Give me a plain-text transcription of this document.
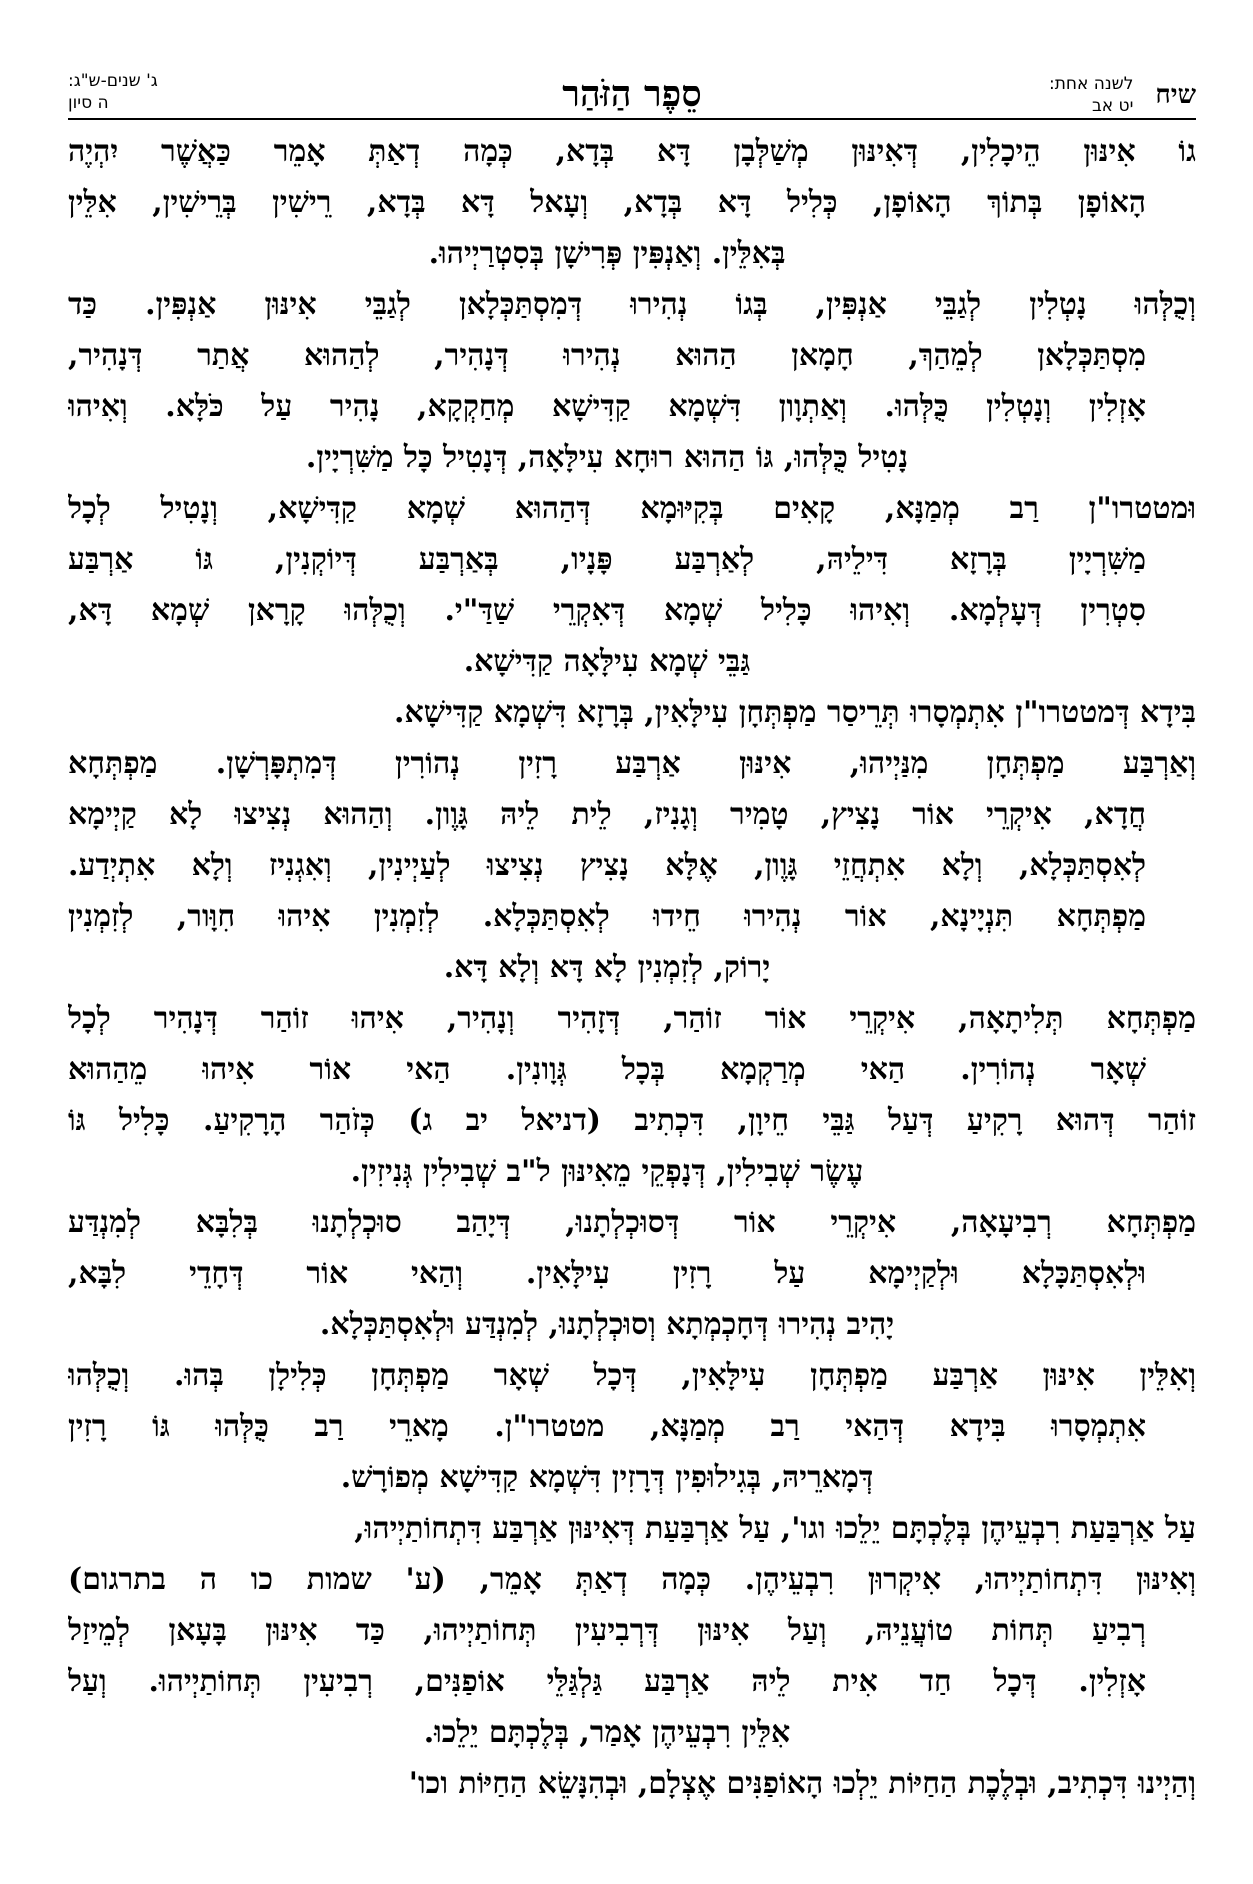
שיח
לשנה אחת:
יט אב
סֵפֶר הַזֹּהַר
ג' שנים-ש"ג:
ה סיון

גוֹ אִינּוּן הֵיכָלִין, דְּאִינּוּן מְשַׁלְּבָן דָּא בְּדָא, כְּמָה דְאַתְּ אָמֵר כַּאֲשֶׁר יִהְיֶה

הָאוֹפָן בְּתוֹךְ הָאוֹפָן, כְּלִיל דָּא בְּדָא, וְעָאל דָּא בְּדָא, רֵישִׁין בְּרֵישִׁין, אִלֵּין

בְּאִלֵּין. וְאַנְפִּין פְּרִישָׁן בְּסִטְרַיְיהוּ.

וְכֻלְּהוּ נָטְלִין לְגַבֵּי אַנְפִּין, בְּגוֹ נְהִירוּ דְּמִסְתַּכְּלָאן לְגַבֵּי אִינּוּן אַנְפִּין. כַּד

מִסְתַּכְּלָאן לְמֵהַךְ, חָמָאן הַהוּא נְהִירוּ דְּנָהִיר, לְהַהוּא אֲתַר דְּנָהִיר,

אָזְלִין וְנָטְלִין כֻּלְּהוּ. וְאַתְוָון דִּשְׁמָא קַדִּישָׁא מְחַקְקָא, נָהִיר עַל כֹּלָּא. וְאִיהוּ

נָטִיל כֻּלְּהוּ, גּוֹ הַהוּא רוּחָא עִילָּאָה, דְּנָטִיל כָּל מַשִּׁרְיָין.

וּמטטרו"ן רַב מְמַנָּא, קָאִים בְּקִיּוּמָא דְּהַהוּא שְׁמָא קַדִּישָׁא, וְנָטִיל לְכָל

מַשִּׁרְיָין בְּרָזָא דִּילֵיהּ, לְאַרְבַּע פָּנָיו, בְּאַרְבַּע דְּיוֹקְנִין, גּוֹ אַרְבַּע

סִטְרִין דְּעָלְמָא. וְאִיהוּ כָּלִיל שְׁמָא דְּאִקְרֵי שַׁדַּ"י. וְכֻלְּהוּ קָרָאן שְׁמָא דָּא,

גַּבֵּי שְׁמָא עִילָּאָה קַדִּישָׁא.

בִּידָא דְּמטטרו"ן אִתְמְסָרוּ תְּרֵיסַר מַפְתְּחָן עִילָּאִין, בְּרָזָא דִּשְׁמָא קַדִּישָׁא.

וְאַרְבַּע מַפְתְּחָן מִנַּיְיהוּ, אִינּוּן אַרְבַּע רָזִין נְהוֹרִין דְּמִתְפָּרְשָׁן. מַפְתְּחָא

חֲדָא, אִיקְרֵי אוֹר נָצִיץ, טָמִיר וְגָנִיז, לֵית לֵיהּ גָּוֶון. וְהַהוּא נְצִיצוּ לָא קַיְימָא

לְאִסְתַּכְּלָא, וְלָא אִתְחֲזֵי גָּוֶון, אֶלָּא נָצִיץ נְצִיצוּ לְעַיְינִין, וְאִגְנִיז וְלָא אִתְיְדַע.

מַפְתְּחָא תִּנְיָינָא, אוֹר נְהִירוּ חֵידוּ לְאִסְתַּכְּלָא. לְזִמְנִין אִיהוּ חִוָּור, לְזִמְנִין

יָרוֹק, לְזִמְנִין לָא דָּא וְלָא דָּא.

מַפְתְּחָא תְּלִיתָאָה, אִיקְרֵי אוֹר זוֹהַר, דְּזָהִיר וְנָהִיר, אִיהוּ זוֹהַר דְּנָהִיר לְכָל

שְׁאָר נְהוֹרִין. הַאי מְרַקְמָא בְּכָל גְּוָונִין. הַאי אוֹר אִיהוּ מֵהַהוּא

זוֹהַר דְּהוּא רָקִיעַ דְּעַל גַּבֵּי חֵיוָן, דִּכְתִיב (דניאל יב ג) כְּזֹהַר הָרָקִיעַ. כָּלִיל גּוֹ

עֶשֶׂר שְׁבִילִין, דְּנָפְקֵי מֵאִינּוּן ל"ב שְׁבִילִין גְּנִיזִין.

מַפְתְּחָא רְבִיעָאָה, אִיקְרֵי אוֹר דְּסוּכְלְתָנוּ, דְּיָהַב סוּכְלְתָנוּ בְּלִבָּא לְמִנְדַּע

וּלְאִסְתַּכָּלָא וּלְקַיְימָא עַל רָזִין עִילָּאִין. וְהַאי אוֹר דְּחָדֵי לִבָּא,

יָהִיב נְהִירוּ דְּחָכְמְתָא וְסוּכְלְתָנוּ, לְמִנְדַּע וּלְאִסְתַּכְּלָא.

וְאִלֵּין אִינּוּן אַרְבַּע מַפְתְּחָן עִילָּאִין, דְּכָל שְׁאָר מַפְתְּחָן כְּלִילָן בְּהוּ. וְכֻלְּהוּ

אִתְמְסָרוּ בִּידָא דְּהַאי רַב מְמַנָּא, מטטרו"ן. מָארֵי רַב כֻּלְּהוּ גּוֹ רָזִין

דְּמָארֵיהּ, בְּגִילוּפִין דְּרָזִין דִּשְׁמָא קַדִּישָׁא מְפוֹרָשׁ.

עַל אַרְבַּעַת רִבְעֵיהֶן בְּלֶכְתָּם יֵלֵכוּ וגו', עַל אַרְבַּעַת דְּאִינּוּן אַרְבַּע דִּתְחוֹתַיְיהוּ,

וְאִינּוּן דִּתְחוֹתַיְיהוּ, אִיקְרוּן רִבְעֵיהֶן. כְּמָה דְאַתְּ אָמֵר, (ע' שמות כו ה בתרגום)

רְבִיעַ תְּחוֹת טוֹעֲנֵיהּ, וְעַל אִינּוּן דְּרְבִיעִין תְּחוֹתַיְיהוּ, כַּד אִינּוּן בָּעָאן לְמֵיזַל

אָזְלִין. דְּכָל חַד אִית לֵיהּ אַרְבַּע גַּלְגַּלֵּי אוֹפַנִּים, רְבִיעִין תְּחוֹתַיְיהוּ. וְעַל

אִלֵּין רִבְעֵיהֶן אָמַר, בְּלֶכְתָּם יֵלֵכוּ.

וְהַיְינוּ דִּכְתִיב, וּבְלֶכֶת הַחַיּוֹת יֵלְכוּ הָאוֹפַנִּים אֶצְלָם, וּבְהִנָּשֵׂא הַחַיּוֹת וכו'
